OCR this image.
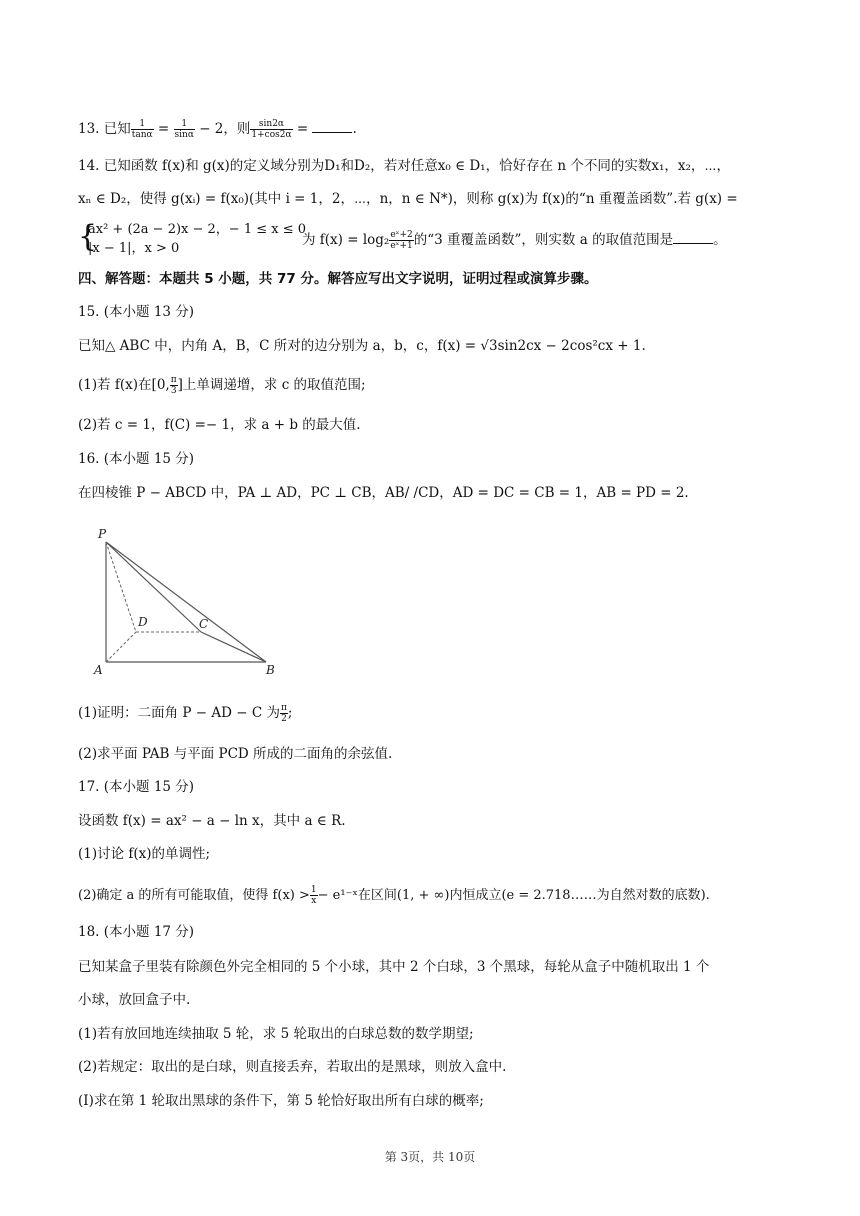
13. 已知 $\frac{1}{\tan\alpha} = \frac{1}{\sin\alpha} - 2$，则 $\frac{\sin 2\alpha}{1+\cos 2\alpha}$ =	.
14. 已知函数 f(x)和 g(x)的定义域分别为D₁和D₂，若对任意x₀ ∈ D₁，恰好存在 n 个不同的实数x₁，x₂，⋯，
xₙ ∈ D₂，使得 g(xᵢ) = f(x₀)(其中 i = 1，2，⋯，n，n ∈ N*)，则称 g(x)为 f(x)的“n 重覆盖函数”.若 g(x) =
{
ax² + (2a − 2)x − 2，− 1 ≤ x ≤ 0
|x − 1|，x > 0
为 $f(x) = \log_2 \frac{\text{eˣ+2}}{\text{eˣ+1}}$ 的“3 重覆盖函数”，则实数 a 的取值范围是	。
四、解答题：本题共 5 小题，共 77 分。解答应写出文字说明，证明过程或演算步骤。
15. (本小题 13 分)
已知△ ABC 中，内角 A，B，C 所对的边分别为 a，b，c，f(x) = √3sin2cx − 2cos²cx + 1.
(1)若 f(x)在[0, $\frac{\pi}{3}$ ]上单调递增，求 c 的取值范围;
(2)若 c = 1，f(C) =− 1，求 a + b 的最大值.
16. (本小题 15 分)
在四棱锥 P − ABCD 中，PA ⊥ AD，PC ⊥ CB，AB/ /CD，AD = DC = CB = 1，AB = PD = 2.
P
D	C
A	B
(1)证明：二面角 P − AD − C 为 $\frac{\pi}{2}$ ;
(2)求平面 PAB 与平面 PCD 所成的二面角的余弦值.
17. (本小题 15 分)
设函数 f(x) = ax² − a − ln x，其中 a ∈ R.
(1)讨论 f(x)的单调性;
(2)确定 a 的所有可能取值，使得 $f(x) > \frac{1}{x}$ − e¹⁻ˣ在区间(1, + ∞)内恒成立(e = 2.718……为自然对数的底数).
18. (本小题 17 分)
已知某盒子里装有除颜色外完全相同的 5 个小球，其中 2 个白球，3 个黑球，每轮从盒子中随机取出 1 个
小球，放回盒子中.
(1)若有放回地连续抽取 5 轮，求 5 轮取出的白球总数的数学期望;
(2)若规定：取出的是白球，则直接丢弃，若取出的是黑球，则放入盒中.
(Ⅰ)求在第 1 轮取出黑球的条件下，第 5 轮恰好取出所有白球的概率;
第 3页，共 10页
